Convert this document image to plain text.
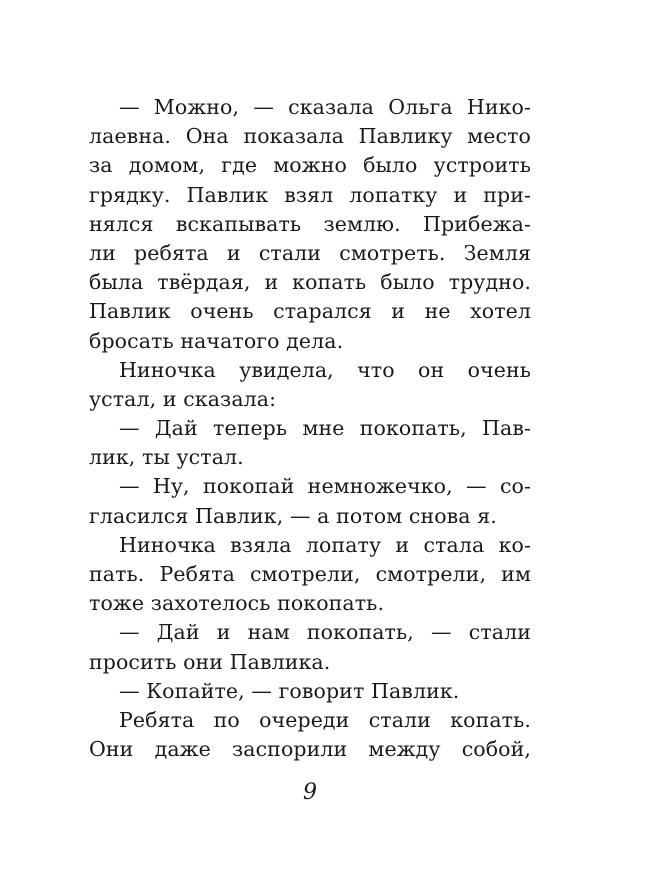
— Можно, — сказала Ольга Нико-
лаевна. Она показала Павлику место
за домом, где можно было устроить
грядку. Павлик взял лопатку и при-
нялся вскапывать землю. Прибежа-
ли ребята и стали смотреть. Земля
была твёрдая, и копать было трудно.
Павлик очень старался и не хотел
бросать начатого дела.
Ниночка увидела, что он очень
устал, и сказала:
— Дай теперь мне покопать, Пав-
лик, ты устал.
— Ну, покопай немножечко, — со-
гласился Павлик, — а потом снова я.
Ниночка взяла лопату и стала ко-
пать. Ребята смотрели, смотрели, им
тоже захотелось покопать.
— Дай и нам покопать, — стали
просить они Павлика.
— Копайте, — говорит Павлик.
Ребята по очереди стали копать.
Они даже заспорили между собой,
9
